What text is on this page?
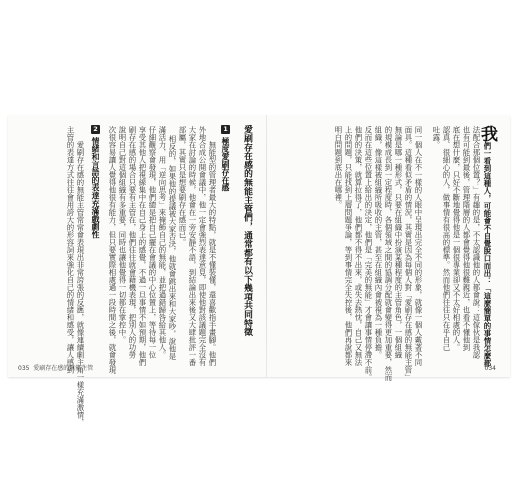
我們一看到這種人，可能會不自覺脫口而出：「這麼簡單的事情怎麼都
法配合那個位置？」有趣的是，不太認識他的人都會說：這傢伙是我認
也有可能到最後，管理階層的人都會覺得他很難親近，也看不懂他到
底在想什麼，只好不斷地覺得他是一個很專業卻又不太好相處的人。
認真、很細心的人，做事情有很高的標準。然而他們往往只在乎自己
吐露。
同一個人在不一樣的人眼中呈現出完全不同的形象，就像一個人戴著不同
面具。這種看似矛盾的情況，其實是因為每個人對「愛刷存在感的無能主管」
無論是哪一種形式，只要在組織中扮演某種程度的主管角色，一個組織
的規模成長到一定程度時，各個領域之間的協調分配就會變得更加重要，然而
組織，像這樣被組織所吸收的主管，甚至在組織內會被視為一種負擔。
反而在這些位置上給出的決定，他們是「完美的無能」才會讓事情停滯不前。
他們的決策，就算拉得了，他們都不得不出來，或失去熱忱，自己又無法
上的問題，只能找到上層問題爭論，等到事情完全失控後，他們再說都來
明白問題到底出在哪裡。
034
愛刷存在感的無能主管們，通常都有以下幾項共同特徵
1
極度愛刷存在感
無能型的管理者最大的特點，就是不懂裝懂，還喜歡指手畫腳。他們
外地合成公開會議中，他一定會強烈表達意見，即使他對該議題完全沒有
大家在討論的時候，他會在一旁安靜不語，到結論出來後又大肆批評一番
部屬，其實只是想要刷存在感而已。
相反的，如果他的提議被大家否決，他就會跳出來和大家吵，說他是
滿活力，用「逆向思考」來掩飾自己的無能，並把過錯歸咎給其他人。
仔細觀察會發現，他們總是把自己擺在會議的中心位置上，等待每一位
享受其他人把視線集中在自己身上的感覺，不過一旦事情不如預期，他們
刷存在感的場合只要有主管在，他們往往就會藉機表現，把別人的功勞
說明自己對這個組織有多重要，同時也讓他覺得一切都在掌控中。
次很容易讓人覺得他很有能力，但只要實際相處過一段時間之後，就會發現
2
情緒和言語的表達充滿戲劇性
愛刷存在感的無能主管常常會表現出非常誇張的反應，就像連續劇主角一樣充滿激情，
主管的表達方式往往會用誇大的形容詞來強化自己的情緒和感受，讓人感到
035 愛刷存在感的無能主管
